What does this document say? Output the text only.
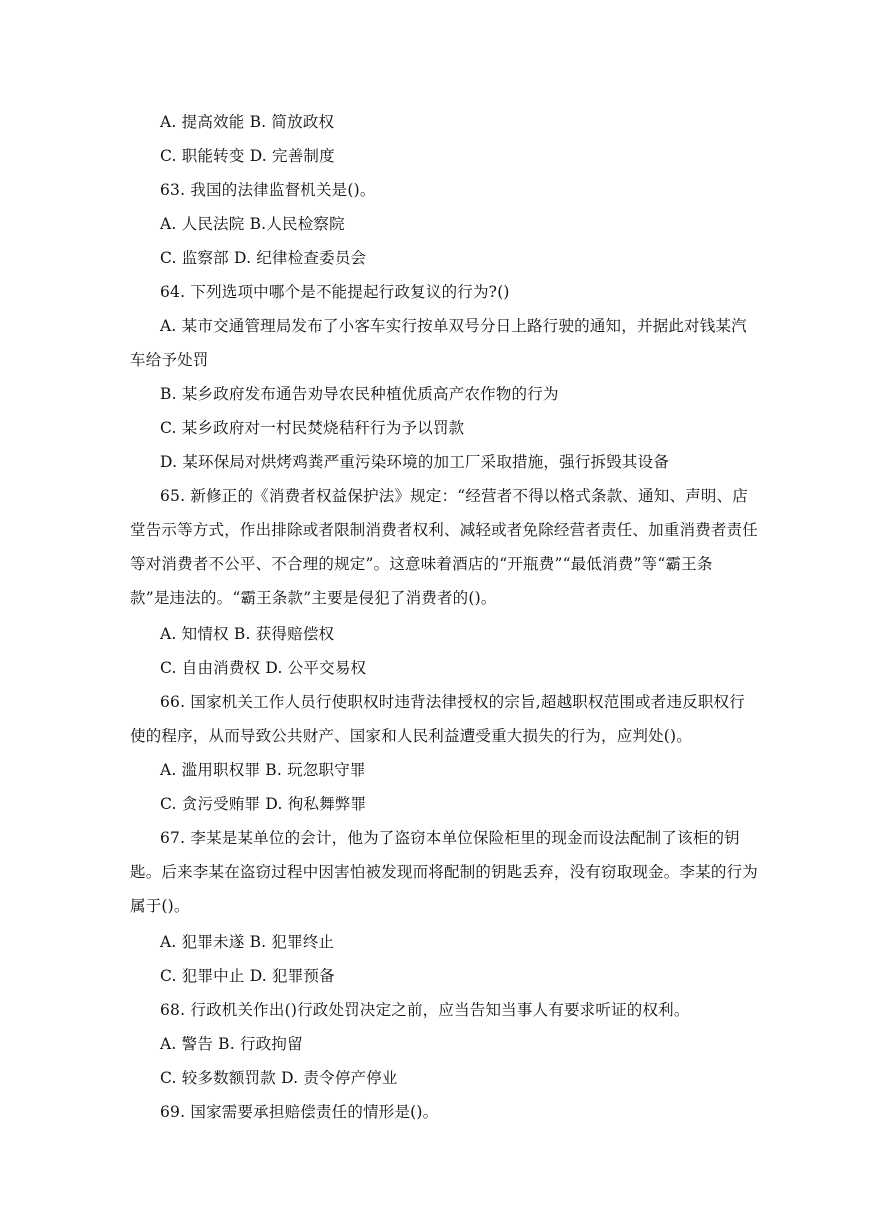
A. 提高效能 B. 简放政权
C. 职能转变 D. 完善制度
63. 我国的法律监督机关是()。
A. 人民法院 B.人民检察院
C. 监察部 D. 纪律检查委员会
64. 下列选项中哪个是不能提起行政复议的行为?()
A. 某市交通管理局发布了小客车实行按单双号分日上路行驶的通知，并据此对钱某汽
车给予处罚
B. 某乡政府发布通告劝导农民种植优质高产农作物的行为
C. 某乡政府对一村民焚烧秸秆行为予以罚款
D. 某环保局对烘烤鸡粪严重污染环境的加工厂采取措施，强行拆毁其设备
65. 新修正的《消费者权益保护法》规定：“经营者不得以格式条款、通知、声明、店
堂告示等方式，作出排除或者限制消费者权利、减轻或者免除经营者责任、加重消费者责任
等对消费者不公平、不合理的规定”。这意味着酒店的“开瓶费”“最低消费”等“霸王条
款”是违法的。“霸王条款”主要是侵犯了消费者的()。
A. 知情权 B. 获得赔偿权
C. 自由消费权 D. 公平交易权
66. 国家机关工作人员行使职权时违背法律授权的宗旨,超越职权范围或者违反职权行
使的程序，从而导致公共财产、国家和人民利益遭受重大损失的行为，应判处()。
A. 滥用职权罪 B. 玩忽职守罪
C. 贪污受贿罪 D. 徇私舞弊罪
67. 李某是某单位的会计，他为了盗窃本单位保险柜里的现金而设法配制了该柜的钥
匙。后来李某在盗窃过程中因害怕被发现而将配制的钥匙丢弃，没有窃取现金。李某的行为
属于()。
A. 犯罪未遂 B. 犯罪终止
C. 犯罪中止 D. 犯罪预备
68. 行政机关作出()行政处罚决定之前，应当告知当事人有要求听证的权利。
A. 警告 B. 行政拘留
C. 较多数额罚款 D. 责令停产停业
69. 国家需要承担赔偿责任的情形是()。
